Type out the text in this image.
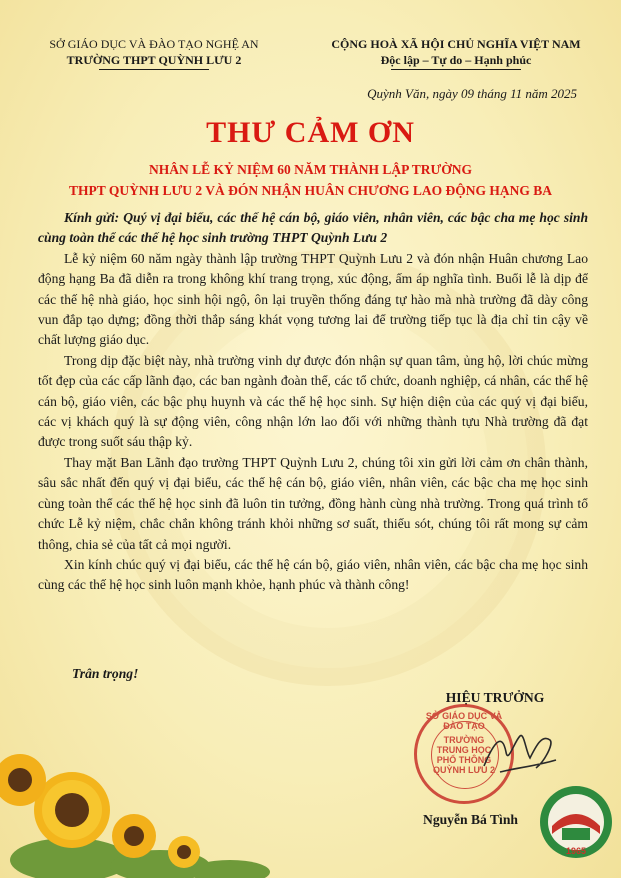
SỞ GIÁO DỤC VÀ ĐÀO TẠO NGHỆ AN
TRƯỜNG THPT QUỲNH LƯU 2
CỘNG HOÀ XÃ HỘI CHỦ NGHĨA VIỆT NAM
Độc lập – Tự do – Hạnh phúc
Quỳnh Văn, ngày 09 tháng 11 năm 2025
THƯ CẢM ƠN
NHÂN LỄ KỶ NIỆM 60 NĂM THÀNH LẬP TRƯỜNG
THPT QUỲNH LƯU 2 VÀ ĐÓN NHẬN HUÂN CHƯƠNG LAO ĐỘNG HẠNG BA

Kính gửi: Quý vị đại biểu, các thế hệ cán bộ, giáo viên, nhân viên, các bậc cha mẹ học sinh cùng toàn thể các thế hệ học sinh trường THPT Quỳnh Lưu 2

Lễ kỷ niệm 60 năm ngày thành lập trường THPT Quỳnh Lưu 2 và đón nhận Huân chương Lao động hạng Ba đã diễn ra trong không khí trang trọng, xúc động, ấm áp nghĩa tình. Buổi lễ là dịp để các thế hệ nhà giáo, học sinh hội ngộ, ôn lại truyền thống đáng tự hào mà nhà trường đã dày công vun đắp tạo dựng; đồng thời thắp sáng khát vọng tương lai để trường tiếp tục là địa chỉ tin cậy về chất lượng giáo dục.

Trong dịp đặc biệt này, nhà trường vinh dự được đón nhận sự quan tâm, ủng hộ, lời chúc mừng tốt đẹp của các cấp lãnh đạo, các ban ngành đoàn thể, các tổ chức, doanh nghiệp, cá nhân, các thế hệ cán bộ, giáo viên, các bậc phụ huynh và các thế hệ học sinh. Sự hiện diện của các quý vị đại biểu, các vị khách quý là sự động viên, công nhận lớn lao đối với những thành tựu Nhà trường đã đạt được trong suốt sáu thập kỷ.

Thay mặt Ban Lãnh đạo trường THPT Quỳnh Lưu 2, chúng tôi xin gửi lời cảm ơn chân thành, sâu sắc nhất đến quý vị đại biểu, các thế hệ cán bộ, giáo viên, nhân viên, các bậc cha mẹ học sinh cùng toàn thể các thế hệ học sinh đã luôn tin tưởng, đồng hành cùng nhà trường. Trong quá trình tổ chức Lễ kỷ niệm, chắc chắn không tránh khỏi những sơ suất, thiếu sót, chúng tôi rất mong sự cảm thông, chia sẻ của tất cả mọi người.

Xin kính chúc quý vị đại biểu, các thế hệ cán bộ, giáo viên, nhân viên, các bậc cha mẹ học sinh cùng các thế hệ học sinh luôn mạnh khỏe, hạnh phúc và thành công!

Trân trọng!
HIỆU TRƯỞNG
SỞ GIÁO DỤC VÀ ĐÀO TẠO
TRƯỜNG
TRUNG HỌC
PHỔ THÔNG
QUỲNH LƯU 2
Nguyễn Bá Tình
1965
